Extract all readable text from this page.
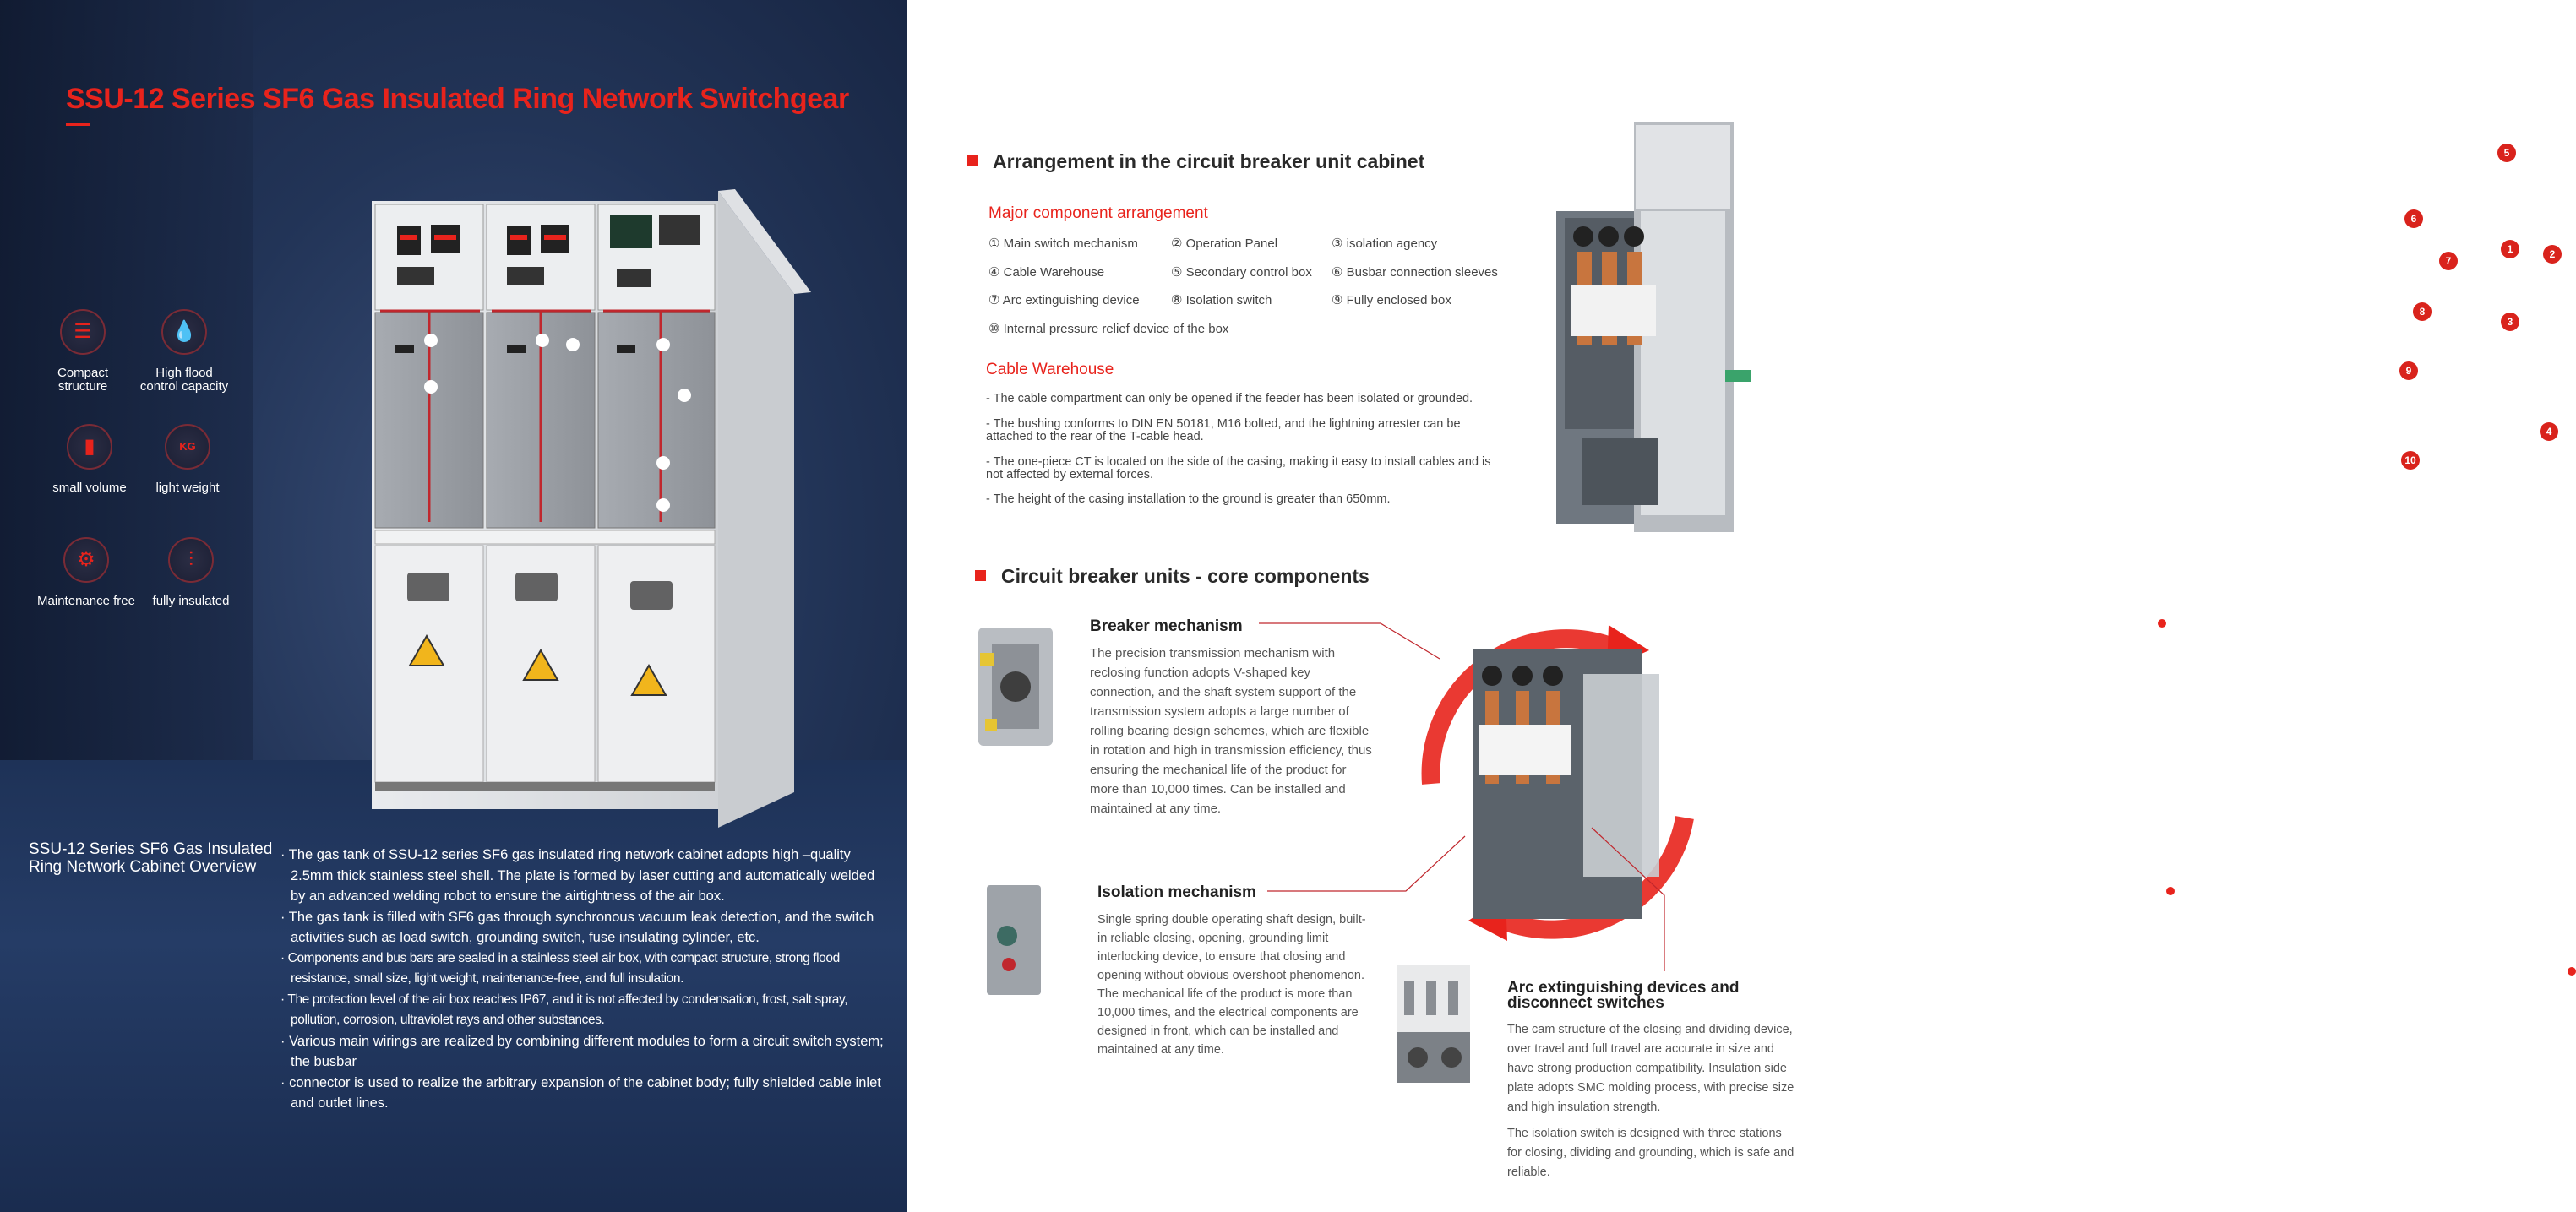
SSU-12 Series SF6 Gas Insulated Ring Network Switchgear
☰
Compact
structure
💧
High flood
control capacity
▮
small volume
KG
light weight
⚙
Maintenance free
⫶
fully insulated
SSU-12 Series SF6 Gas Insulated
Ring Network Cabinet Overview

· The gas tank of SSU-12 series SF6 gas insulated ring network cabinet adopts high –quality 2.5mm thick stainless steel shell. The plate is formed by laser cutting and automatically welded by an advanced welding robot to ensure the airtightness of the air box.

· The gas tank is filled with SF6 gas through synchronous vacuum leak detection, and the switch activities such as load switch, grounding switch, fuse insulating cylinder, etc.

· Components and bus bars are sealed in a stainless steel air box, with compact structure, strong flood resistance, small size, light weight, maintenance-free, and full insulation.

· The protection level of the air box reaches IP67, and it is not affected by condensation, frost, salt spray, pollution, corrosion, ultraviolet rays and other substances.

· Various main wirings are realized by combining different modules to form a circuit switch system; the busbar

· connector is used to realize the arbitrary expansion of the cabinet body; fully shielded cable inlet and outlet lines.

Arrangement in the circuit breaker unit cabinet
Major component arrangement
① Main switch mechanism	② Operation Panel	③ isolation agency
④ Cable Warehouse	⑤ Secondary control box ⑥ Busbar connection sleeves
⑦ Arc extinguishing device ⑧ Isolation switch	⑨ Fully enclosed box
⑩ Internal pressure relief device of the box
Cable Warehouse
- The cable compartment can only be opened if the feeder has been isolated or grounded.
- The bushing conforms to DIN EN 50181, M16 bolted, and the lightning arrester can be attached to the rear of the T-cable head.
- The one-piece CT is located on the side of the casing, making it easy to install cables and is not affected by external forces.
- The height of the casing installation to the ground is greater than 650mm.
5
6
1	2
7
3
8
9
4
10
Circuit breaker units - core components
Breaker mechanism
The precision transmission mechanism with reclosing function adopts V-shaped key connection, and the shaft system support of the transmission system adopts a large number of rolling bearing design schemes, which are flexible in rotation and high in transmission efficiency, thus ensuring the mechanical life of the product for more than 10,000 times. Can be installed and maintained at any time.
Isolation mechanism
Single spring double operating shaft design, built-in reliable closing, opening, grounding limit interlocking device, to ensure that closing and opening without obvious overshoot phenomenon. The mechanical life of the product is more than 10,000 times, and the electrical components are designed in front, which can be installed and maintained at any time.
Arc extinguishing devices and
disconnect switches
The cam structure of the closing and dividing device, over travel and full travel are accurate in size and have strong production compatibility. Insulation side plate adopts SMC molding process, with precise size and high insulation strength.
The isolation switch is designed with three stations for closing, dividing and grounding, which is safe and reliable.
